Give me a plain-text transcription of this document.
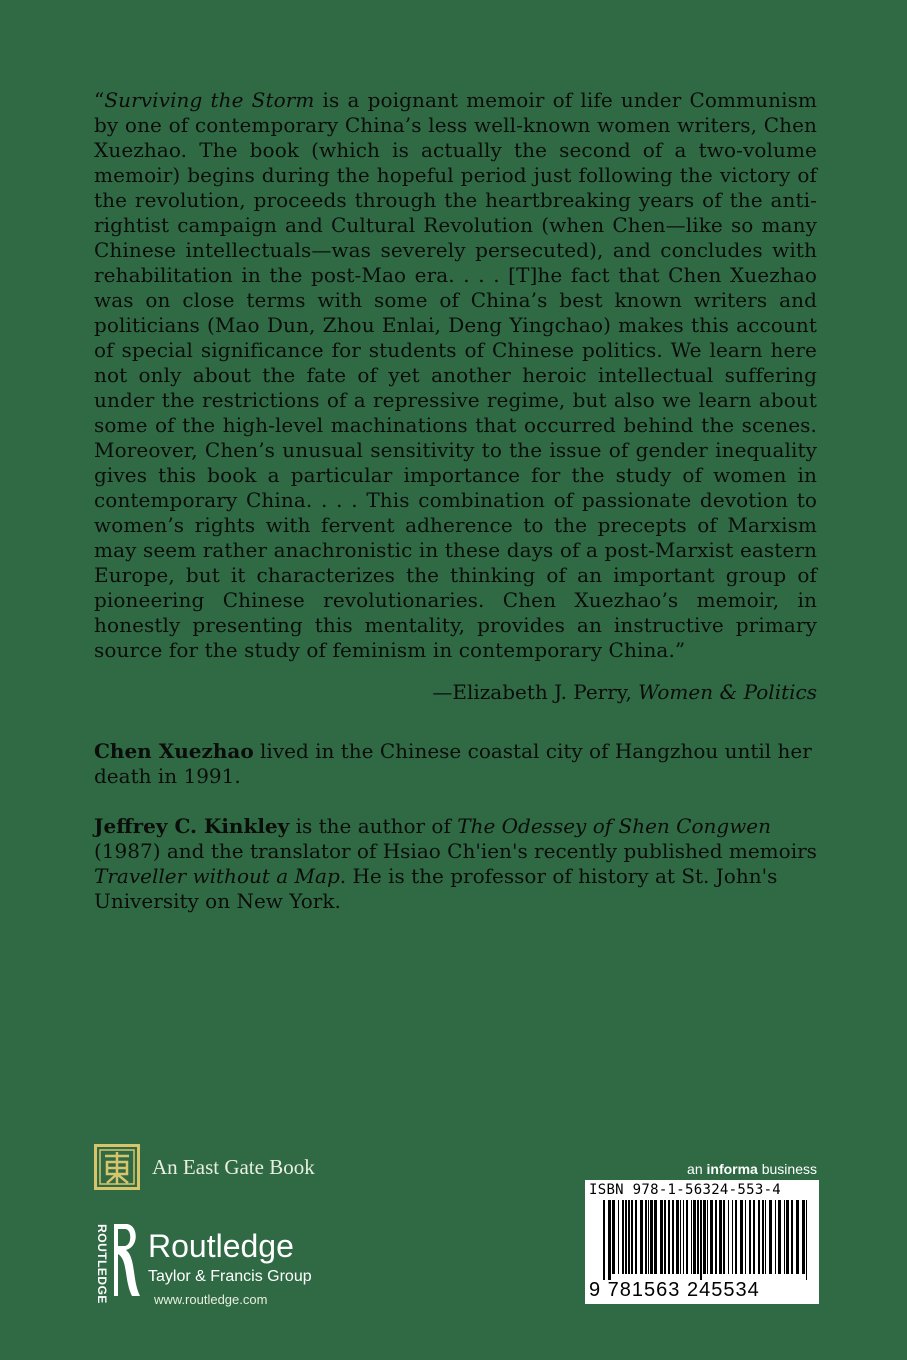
“Surviving the Storm is a poignant memoir of life under Communism by one of contemporary China’s less well-known women writers, Chen Xuezhao. The book (which is actually the second of a two-volume memoir) begins during the hopeful period just following the victory of the revolution, proceeds through the heartbreaking years of the anti-rightist campaign and Cultural Revolution (when Chen—like so many Chinese intellectuals—was severely persecuted), and concludes with rehabilitation in the post-Mao era. . . . [T]he fact that Chen Xuezhao was on close terms with some of China’s best known writers and politicians (Mao Dun, Zhou Enlai, Deng Yingchao) makes this account of special significance for students of Chinese politics. We learn here not only about the fate of yet another heroic intellectual suffering under the restrictions of a repressive regime, but also we learn about some of the high-level machinations that occurred behind the scenes. Moreover, Chen’s unusual sensitivity to the issue of gender inequality gives this book a particular importance for the study of women in contemporary China. . . . This combination of passionate devotion to women’s rights with fervent adherence to the precepts of Marxism may seem rather anachronistic in these days of a post-Marxist eastern Europe, but it characterizes the thinking of an important group of pioneering Chinese revolutionaries. Chen Xuezhao’s memoir, in honestly presenting this mentality, provides an instructive primary source for the study of feminism in contemporary China.”
—Elizabeth J. Perry, Women & Politics
Chen Xuezhao lived in the Chinese coastal city of Hangzhou until her death in 1991.
Jeffrey C. Kinkley is the author of The Odessey of Shen Congwen (1987) and the translator of Hsiao Ch'ien's recently published memoirs Traveller without a Map. He is the professor of history at St. John's University on New York.
An East Gate Book
ROUTLEDGE Routledge
Taylor & Francis Group
www.routledge.com
an informa business
ISBN 978-1-56324-553-4
9 781563 245534
